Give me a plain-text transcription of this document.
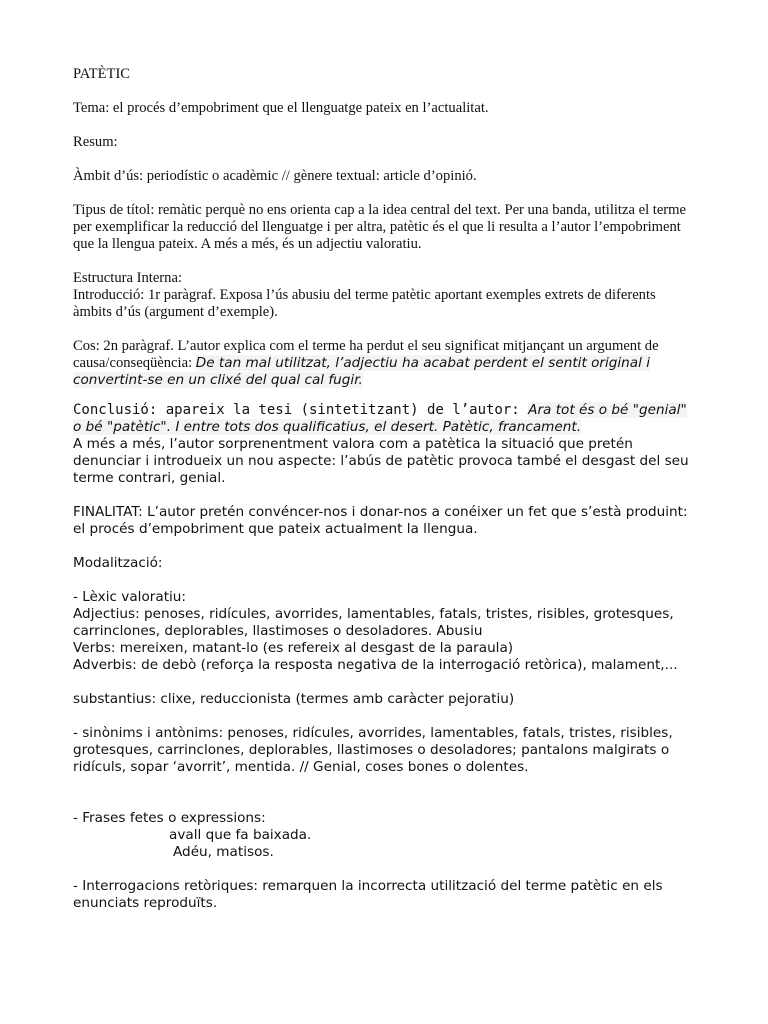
PATÈTIC

Tema: el procés d’empobriment que el llenguatge pateix en l’actualitat.

Resum:

Àmbit d’ús: periodístic o acadèmic // gènere textual: article d’opinió.

Tipus de títol: remàtic perquè no ens orienta cap a la idea central del text. Per una banda, utilitza el terme per exemplificar la reducció del llenguatge i per altra, patètic és el que li resulta a l’autor l’empobriment que la llengua pateix. A més a més, és un adjectiu valoratiu.

Estructura Interna:

Introducció: 1r paràgraf. Exposa l’ús abusiu del terme patètic aportant exemples extrets de diferents àmbits d’ús (argument d’exemple).

Cos: 2n paràgraf. L’autor explica com el terme ha perdut el seu significat mitjançant un argument de causa/conseqüència: De tan mal utilitzat, l’adjectiu ha acabat perdent el sentit original i convertint-se en un clixé del qual cal fugir.

Conclusió: apareix la tesi (sintetitzant) de l’autor: Ara tot és o bé "genial" o bé "patètic". I entre tots dos qualificatius, el desert. Patètic, francament.
A més a més, l’autor sorprenentment valora com a patètica la situació que pretén denunciar i introdueix un nou aspecte: l’abús de patètic provoca també el desgast del seu terme contrari, genial.

FINALITAT: L’autor pretén convéncer-nos i donar-nos a conéixer un fet que s’està produint: el procés d’empobriment que pateix actualment la llengua.

Modalització:

- Lèxic valoratiu:

Adjectius: penoses, ridícules, avorrides, lamentables, fatals, tristes, risibles, grotesques, carrinclones, deplorables, llastimoses o desoladores. Abusiu

Verbs: mereixen, matant-lo (es refereix al desgast de la paraula)

Adverbis: de debò (reforça la resposta negativa de la interrogació retòrica), malament,...

substantius: clixe, reduccionista (termes amb caràcter pejoratiu)

- sinònims i antònims: penoses, ridícules, avorrides, lamentables, fatals, tristes, risibles, grotesques, carrinclones, deplorables, llastimoses o desoladores; pantalons malgirats o ridículs, sopar ‘avorrit’, mentida. // Genial, coses bones o dolentes.

- Frases fetes o expressions:

avall que fa baixada.

Adéu, matisos.

- Interrogacions retòriques: remarquen la incorrecta utilització del terme patètic en els enunciats reproduïts.
